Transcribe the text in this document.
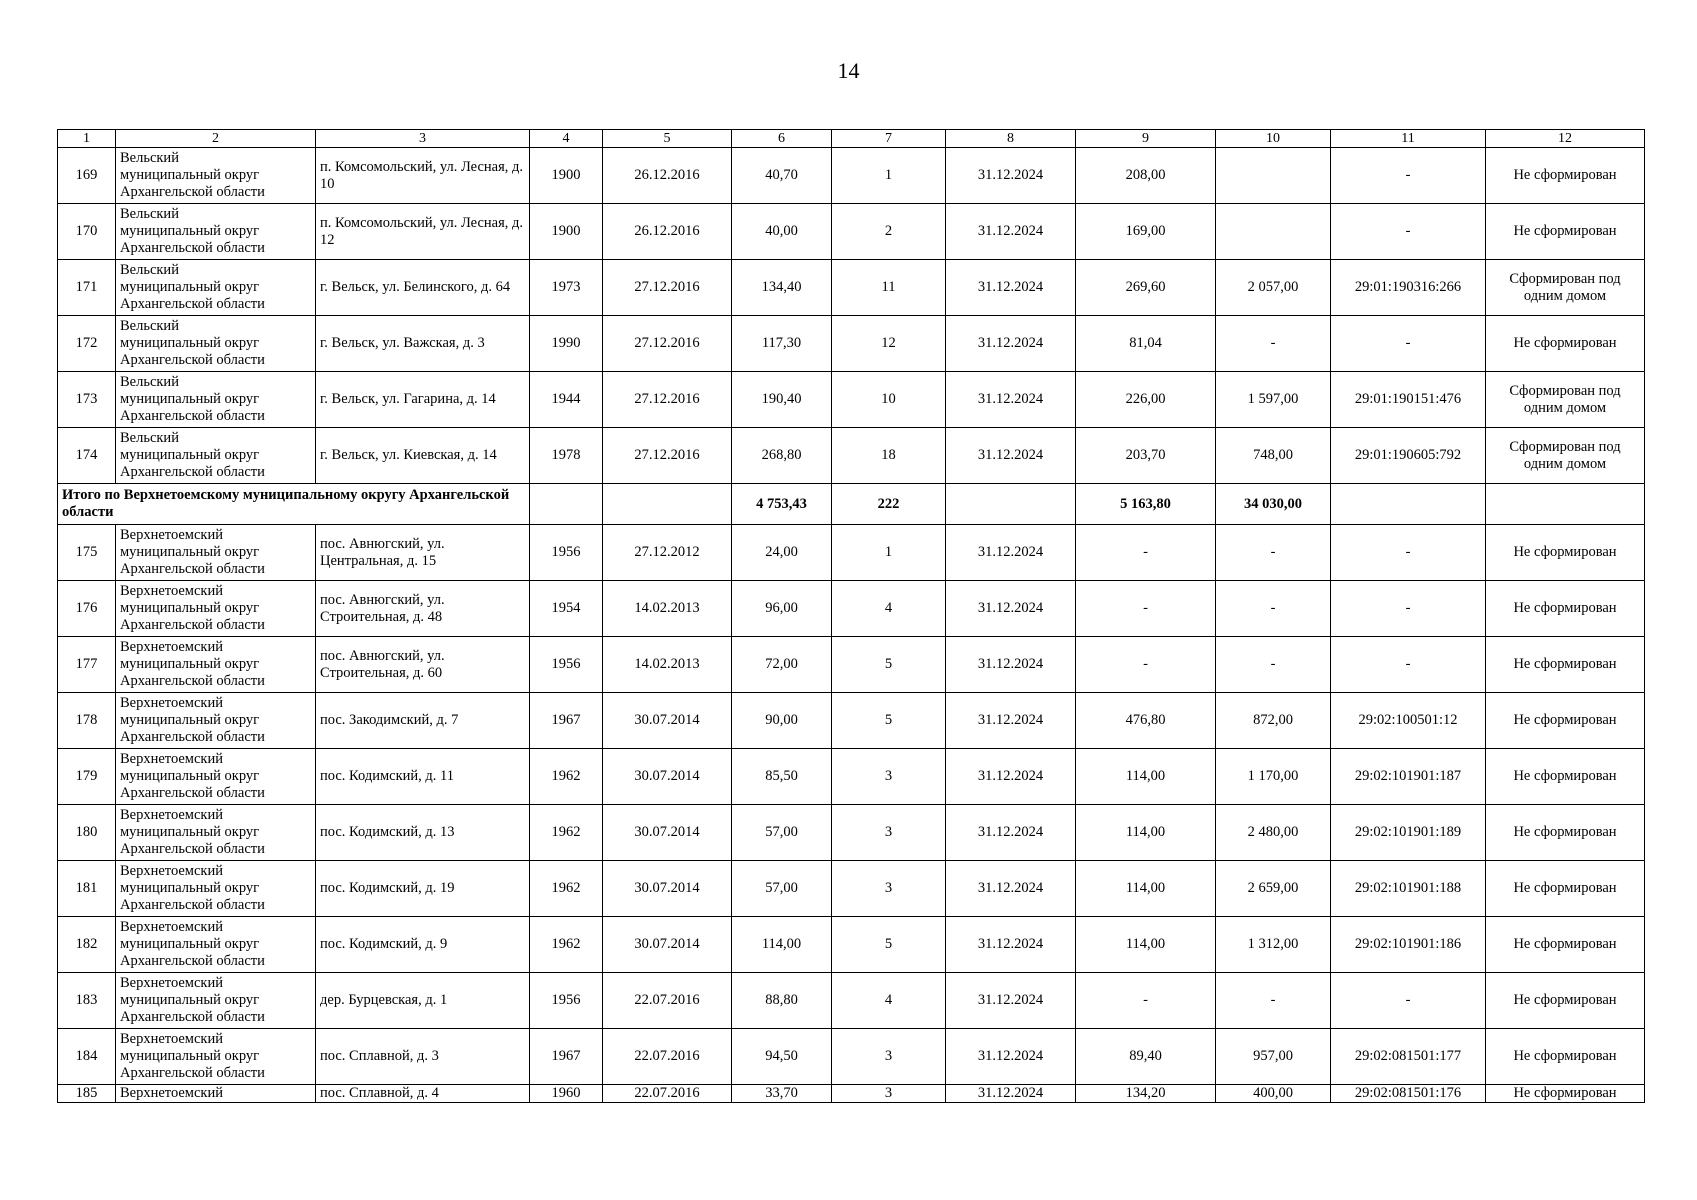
14
1	2	3	4	5	6	7	8	9	10	11	12
169	Вельский
муниципальный округ
Архангельской области	п. Комсомольский, ул. Лесная, д. 10	1900	26.12.2016	40,70	1	31.12.2024	208,00		-	Не сформирован
170	Вельский
муниципальный округ
Архангельской области	п. Комсомольский, ул. Лесная, д. 12	1900	26.12.2016	40,00	2	31.12.2024	169,00		-	Не сформирован
171	Вельский
муниципальный округ
Архангельской области	г. Вельск, ул. Белинского, д. 64	1973	27.12.2016	134,40	11	31.12.2024	269,60	2 057,00	29:01:190316:266	Сформирован под одним домом
172	Вельский
муниципальный округ
Архангельской области	г. Вельск, ул. Важская, д. 3	1990	27.12.2016	117,30	12	31.12.2024	81,04	-	-	Не сформирован
173	Вельский
муниципальный округ
Архангельской области	г. Вельск, ул. Гагарина, д. 14	1944	27.12.2016	190,40	10	31.12.2024	226,00	1 597,00	29:01:190151:476	Сформирован под одним домом
174	Вельский
муниципальный округ
Архангельской области	г. Вельск, ул. Киевская, д. 14	1978	27.12.2016	268,80	18	31.12.2024	203,70	748,00	29:01:190605:792	Сформирован под одним домом
Итого по Верхнетоемскому муниципальному округу Архангельской области					4 753,43	222		5 163,80	34 030,00		
175	Верхнетоемский
муниципальный округ
Архангельской области	пос. Авнюгский, ул. Центральная, д. 15	1956	27.12.2012	24,00	1	31.12.2024	-	-	-	Не сформирован
176	Верхнетоемский
муниципальный округ
Архангельской области	пос. Авнюгский, ул. Строительная, д. 48	1954	14.02.2013	96,00	4	31.12.2024	-	-	-	Не сформирован
177	Верхнетоемский
муниципальный округ
Архангельской области	пос. Авнюгский, ул. Строительная, д. 60	1956	14.02.2013	72,00	5	31.12.2024	-	-	-	Не сформирован
178	Верхнетоемский
муниципальный округ
Архангельской области	пос. Закодимский, д. 7	1967	30.07.2014	90,00	5	31.12.2024	476,80	872,00	29:02:100501:12	Не сформирован
179	Верхнетоемский
муниципальный округ
Архангельской области	пос. Кодимский, д. 11	1962	30.07.2014	85,50	3	31.12.2024	114,00	1 170,00	29:02:101901:187	Не сформирован
180	Верхнетоемский
муниципальный округ
Архангельской области	пос. Кодимский, д. 13	1962	30.07.2014	57,00	3	31.12.2024	114,00	2 480,00	29:02:101901:189	Не сформирован
181	Верхнетоемский
муниципальный округ
Архангельской области	пос. Кодимский, д. 19	1962	30.07.2014	57,00	3	31.12.2024	114,00	2 659,00	29:02:101901:188	Не сформирован
182	Верхнетоемский
муниципальный округ
Архангельской области	пос. Кодимский, д. 9	1962	30.07.2014	114,00	5	31.12.2024	114,00	1 312,00	29:02:101901:186	Не сформирован
183	Верхнетоемский
муниципальный округ
Архангельской области	дер. Бурцевская, д. 1	1956	22.07.2016	88,80	4	31.12.2024	-	-	-	Не сформирован
184	Верхнетоемский
муниципальный округ
Архангельской области	пос. Сплавной, д. 3	1967	22.07.2016	94,50	3	31.12.2024	89,40	957,00	29:02:081501:177	Не сформирован
185	Верхнетоемский	пос. Сплавной, д. 4	1960	22.07.2016	33,70	3	31.12.2024	134,20	400,00	29:02:081501:176	Не сформирован
